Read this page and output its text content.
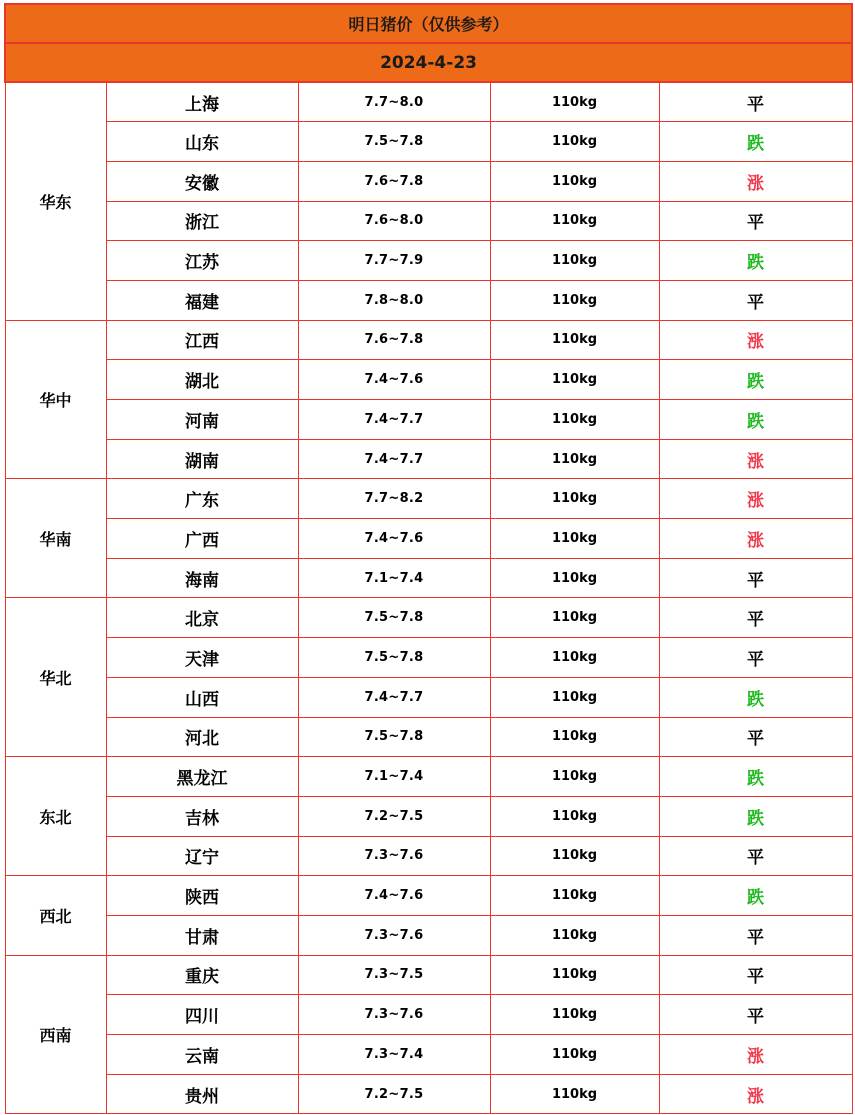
明日猪价（仅供参考）				
2024-4-23				
华东	上海	7.7~8.0	110kg	平
	山东	7.5~7.8	110kg	跌
	安徽	7.6~7.8	110kg	涨
	浙江	7.6~8.0	110kg	平
	江苏	7.7~7.9	110kg	跌
	福建	7.8~8.0	110kg	平
华中	江西	7.6~7.8	110kg	涨
	湖北	7.4~7.6	110kg	跌
	河南	7.4~7.7	110kg	跌
	湖南	7.4~7.7	110kg	涨
华南	广东	7.7~8.2	110kg	涨
	广西	7.4~7.6	110kg	涨
	海南	7.1~7.4	110kg	平
华北	北京	7.5~7.8	110kg	平
	天津	7.5~7.8	110kg	平
	山西	7.4~7.7	110kg	跌
	河北	7.5~7.8	110kg	平
东北	黑龙江	7.1~7.4	110kg	跌
	吉林	7.2~7.5	110kg	跌
	辽宁	7.3~7.6	110kg	平
西北	陕西	7.4~7.6	110kg	跌
	甘肃	7.3~7.6	110kg	平
西南	重庆	7.3~7.5	110kg	平
	四川	7.3~7.6	110kg	平
	云南	7.3~7.4	110kg	涨
	贵州	7.2~7.5	110kg	涨
